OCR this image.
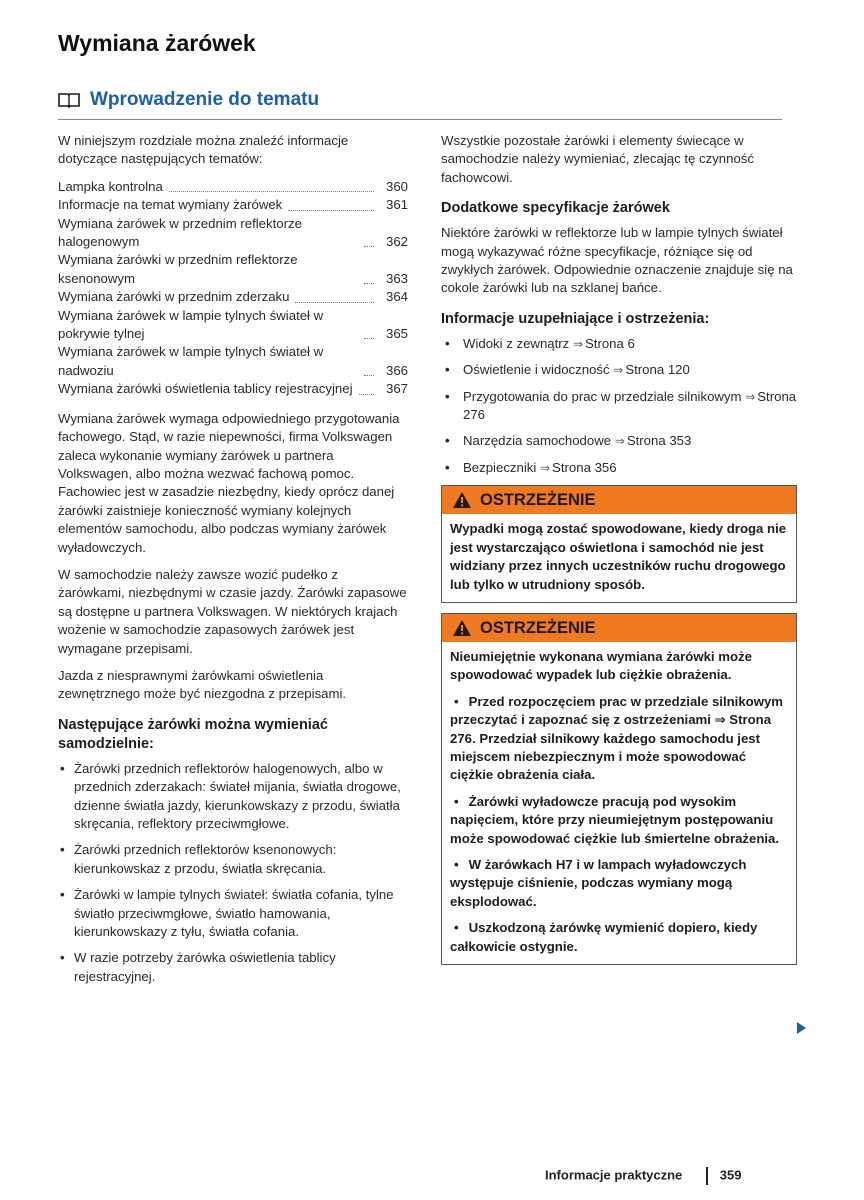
Wymiana żarówek
Wprowadzenie do tematu

W niniejszym rozdziale można znaleźć informacje dotyczące następujących tematów:

Lampka kontrolna	360
Informacje na temat wymiany żarówek	361
Wymiana żarówek w przednim reflektorze halogenowym	362
Wymiana żarówki w przednim reflektorze ksenonowym	363
Wymiana żarówki w przednim zderzaku	364
Wymiana żarówek w lampie tylnych świateł w pokrywie tylnej	365
Wymiana żarówek w lampie tylnych świateł w nadwoziu	366
Wymiana żarówki oświetlenia tablicy rejestracyjnej	367

Wymiana żarówek wymaga odpowiedniego przygotowania fachowego. Stąd, w razie niepewności, firma Volkswagen zaleca wykonanie wymiany żarówek u partnera Volkswagen, albo można wezwać fachową pomoc. Fachowiec jest w zasadzie niezbędny, kiedy oprócz danej żarówki zaistnieje konieczność wymiany kolejnych elementów samochodu, albo podczas wymiany żarówek wyładowczych.

W samochodzie należy zawsze wozić pudełko z żarówkami, niezbędnymi w czasie jazdy. Żarówki zapasowe są dostępne u partnera Volkswagen. W niektórych krajach wożenie w samochodzie zapasowych żarówek jest wymagane przepisami.

Jazda z niesprawnymi żarówkami oświetlenia zewnętrznego może być niezgodna z przepisami.

Następujące żarówki można wymieniać samodzielnie:
• Żarówki przednich reflektorów halogenowych, albo w przednich zderzakach: świateł mijania, światła drogowe, dzienne światła jazdy, kierunkowskazy z przodu, światła skręcania, reflektory przeciwmgłowe.
• Żarówki przednich reflektorów ksenonowych: kierunkowskaz z przodu, światła skręcania.
• Żarówki w lampie tylnych świateł: światła cofania, tylne światło przeciwmgłowe, światło hamowania, kierunkowskazy z tyłu, światła cofania.
• W razie potrzeby żarówka oświetlenia tablicy rejestracyjnej.

Wszystkie pozostałe żarówki i elementy świecące w samochodzie należy wymieniać, zlecając tę czynność fachowcowi.

Dodatkowe specyfikacje żarówek

Niektóre żarówki w reflektorze lub w lampie tylnych świateł mogą wykazywać różne specyfikacje, różniące się od zwykłych żarówek. Odpowiednie oznaczenie znajduje się na cokole żarówki lub na szklanej bańce.

Informacje uzupełniające i ostrzeżenia:
• Widoki z zewnątrz ⇒ Strona 6
• Oświetlenie i widoczność ⇒ Strona 120
• Przygotowania do prac w przedziale silnikowym ⇒ Strona 276
• Narzędzia samochodowe ⇒ Strona 353
• Bezpieczniki ⇒ Strona 356
OSTRZEŻENIE

Wypadki mogą zostać spowodowane, kiedy droga nie jest wystarczająco oświetlona i samochód nie jest widziany przez innych uczestników ruchu drogowego lub tylko w utrudniony sposób.

OSTRZEŻENIE

Nieumiejętnie wykonana wymiana żarówki może spowodować wypadek lub ciężkie obrażenia.

• Przed rozpoczęciem prac w przedziale silnikowym przeczytać i zapoznać się z ostrzeżeniami ⇒ Strona 276. Przedział silnikowy każdego samochodu jest miejscem niebezpiecznym i może spowodować ciężkie obrażenia ciała.

• Żarówki wyładowcze pracują pod wysokim napięciem, które przy nieumiejętnym postępowaniu może spowodować ciężkie lub śmiertelne obrażenia.

• W żarówkach H7 i w lampach wyładowczych występuje ciśnienie, podczas wymiany mogą eksplodować.

• Uszkodzoną żarówkę wymienić dopiero, kiedy całkowicie ostygnie.

Informacje praktyczne	359
